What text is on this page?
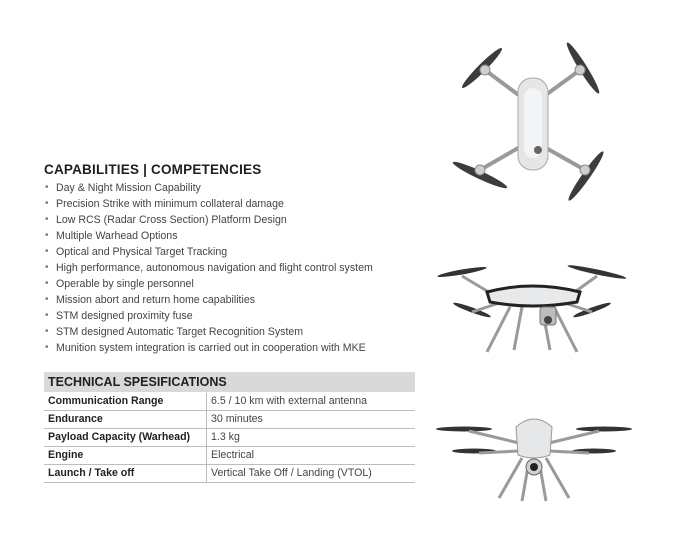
CAPABILITIES | COMPETENCIES
• Day & Night Mission Capability
• Precision Strike with minimum collateral damage
• Low RCS (Radar Cross Section) Platform Design
• Multiple Warhead Options
• Optical and Physical Target Tracking
• High performance, autonomous navigation and flight control system
• Operable by single personnel
• Mission abort and return home capabilities
• STM designed proximity fuse
• STM designed Automatic Target Recognition System
• Munition system integration is carried out in cooperation with MKE
TECHNICAL SPESIFICATIONS
Communication Range	6.5 / 10 km with external antenna
Endurance	30 minutes
Payload Capacity (Warhead)	1.3 kg
Engine	Electrical
Launch / Take off	Vertical Take Off / Landing (VTOL)
